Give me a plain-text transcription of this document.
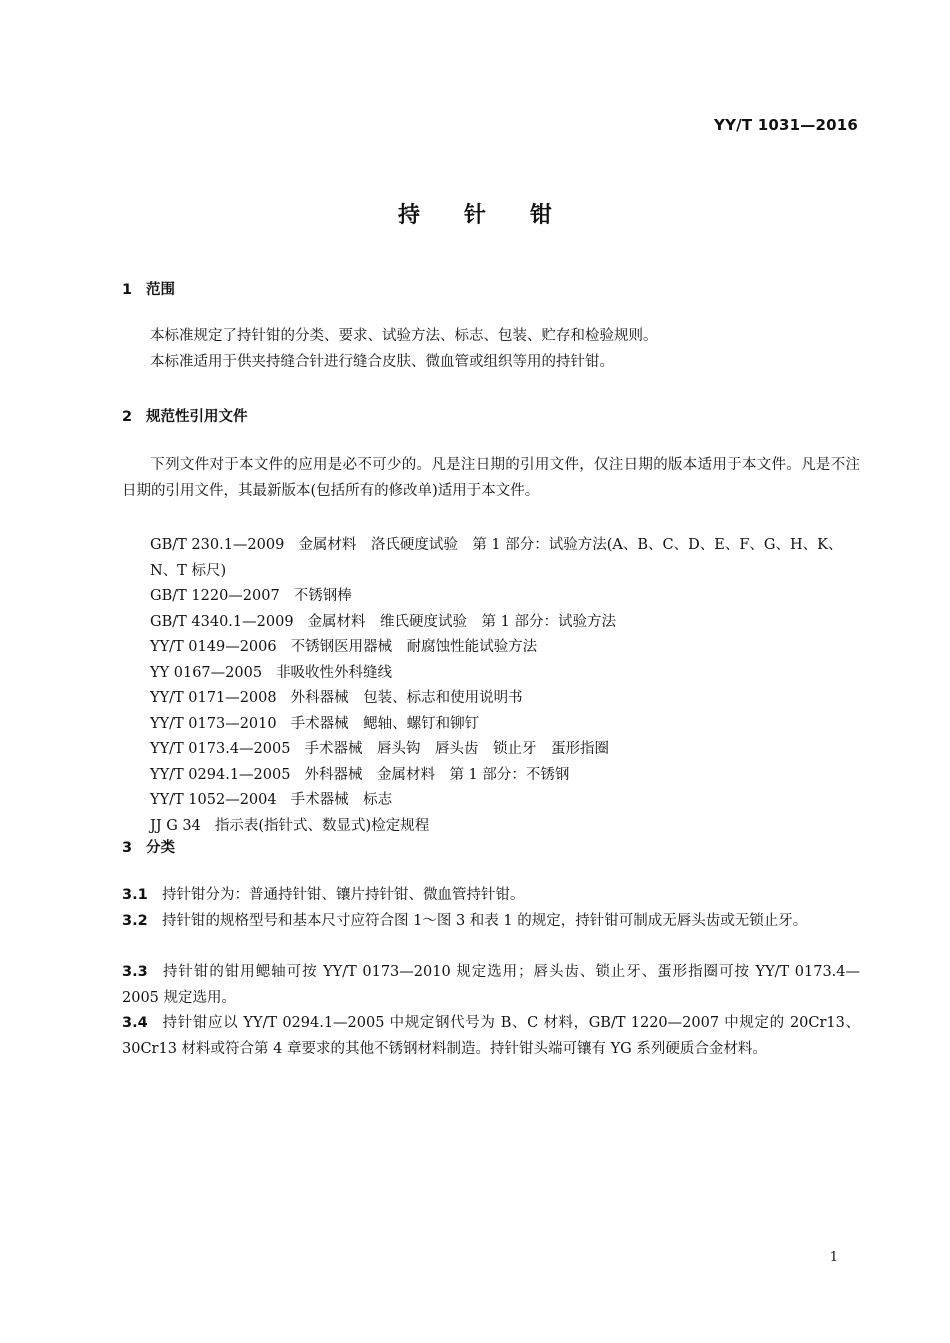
YY/T 1031—2016
持针钳
1 范围
本标准规定了持针钳的分类、要求、试验方法、标志、包装、贮存和检验规则。
本标准适用于供夹持缝合针进行缝合皮肤、微血管或组织等用的持针钳。
2 规范性引用文件
下列文件对于本文件的应用是必不可少的。凡是注日期的引用文件，仅注日期的版本适用于本文件。凡是不注日期的引用文件，其最新版本(包括所有的修改单)适用于本文件。
GB/T 230.1—2009 金属材料　洛氏硬度试验　第 1 部分：试验方法(A、B、C、D、E、F、G、H、K、N、T 标尺)
GB/T 1220—2007 不锈钢棒
GB/T 4340.1—2009 金属材料　维氏硬度试验　第 1 部分：试验方法
YY/T 0149—2006 不锈钢医用器械　耐腐蚀性能试验方法
YY 0167—2005 非吸收性外科缝线
YY/T 0171—2008 外科器械　包装、标志和使用说明书
YY/T 0173—2010 手术器械　鳃轴、螺钉和铆钉
YY/T 0173.4—2005 手术器械　唇头钩　唇头齿　锁止牙　蛋形指圈
YY/T 0294.1—2005 外科器械　金属材料　第 1 部分：不锈钢
YY/T 1052—2004 手术器械　标志
JJ G 34 指示表(指针式、数显式)检定规程
3 分类
3.1 持针钳分为：普通持针钳、镶片持针钳、微血管持针钳。
3.2 持针钳的规格型号和基本尺寸应符合图 1～图 3 和表 1 的规定，持针钳可制成无唇头齿或无锁止牙。
3.3 持针钳的钳用鳃轴可按 YY/T 0173—2010 规定选用；唇头齿、锁止牙、蛋形指圈可按 YY/T 0173.4—2005 规定选用。
3.4 持针钳应以 YY/T 0294.1—2005 中规定钢代号为 B、C 材料，GB/T 1220—2007 中规定的 20Cr13、30Cr13 材料或符合第 4 章要求的其他不锈钢材料制造。持针钳头端可镶有 YG 系列硬质合金材料。
1
